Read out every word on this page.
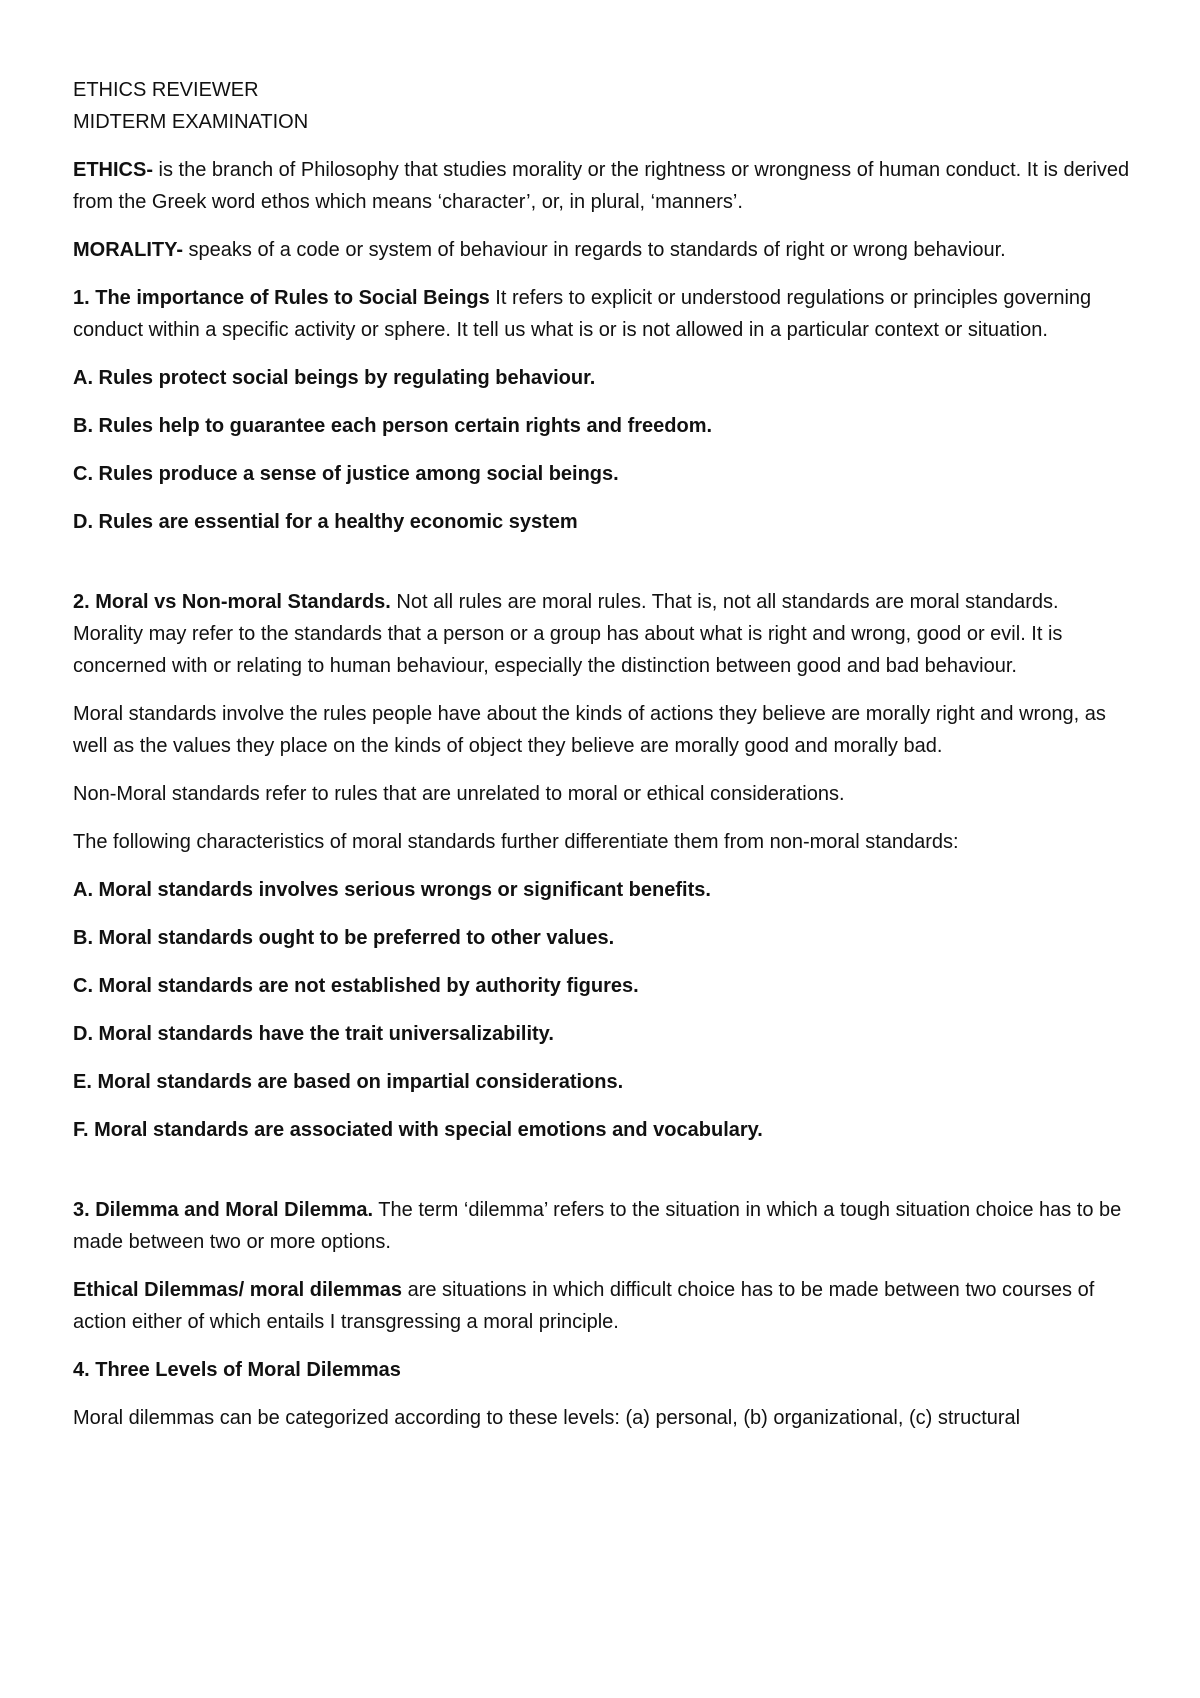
ETHICS REVIEWER
MIDTERM EXAMINATION

ETHICS- is the branch of Philosophy that studies morality or the rightness or wrongness of human conduct. It is derived from the Greek word ethos which means ‘character’, or, in plural, ‘manners’.

MORALITY- speaks of a code or system of behaviour in regards to standards of right or wrong behaviour.

1. The importance of Rules to Social Beings It refers to explicit or understood regulations or principles governing conduct within a specific activity or sphere. It tell us what is or is not allowed in a particular context or situation.

A. Rules protect social beings by regulating behaviour.

B. Rules help to guarantee each person certain rights and freedom.

C. Rules produce a sense of justice among social beings.

D. Rules are essential for a healthy economic system

2. Moral vs Non-moral Standards. Not all rules are moral rules. That is, not all standards are moral standards. Morality may refer to the standards that a person or a group has about what is right and wrong, good or evil. It is concerned with or relating to human behaviour, especially the distinction between good and bad behaviour.

Moral standards involve the rules people have about the kinds of actions they believe are morally right and wrong, as well as the values they place on the kinds of object they believe are morally good and morally bad.

Non-Moral standards refer to rules that are unrelated to moral or ethical considerations.

The following characteristics of moral standards further differentiate them from non-moral standards:

A. Moral standards involves serious wrongs or significant benefits.

B. Moral standards ought to be preferred to other values.

C. Moral standards are not established by authority figures.

D. Moral standards have the trait universalizability.

E. Moral standards are based on impartial considerations.

F. Moral standards are associated with special emotions and vocabulary.

3. Dilemma and Moral Dilemma. The term ‘dilemma’ refers to the situation in which a tough situation choice has to be made between two or more options.

Ethical Dilemmas/ moral dilemmas are situations in which difficult choice has to be made between two courses of action either of which entails I transgressing a moral principle.

4. Three Levels of Moral Dilemmas

Moral dilemmas can be categorized according to these levels: (a) personal, (b) organizational, (c) structural
